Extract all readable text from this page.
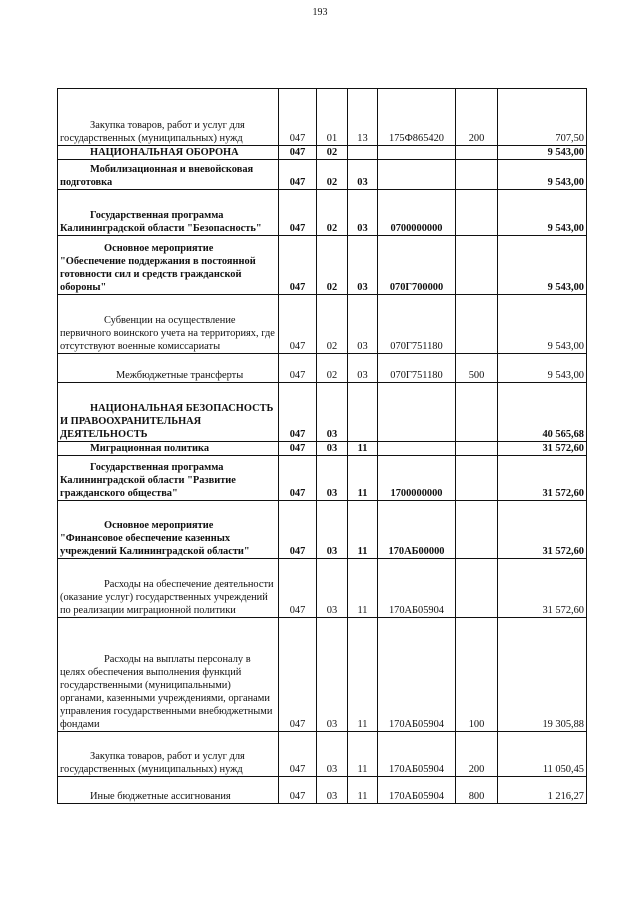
193
Закупка товаров, работ и услуг для государственных (муниципальных) нужд	047	01	13	175Ф865420	200	707,50
НАЦИОНАЛЬНАЯ ОБОРОНА	047	02				9 543,00
Мобилизационная и вневойсковая подготовка	047	02	03			9 543,00
Государственная программа Калининградской области "Безопасность"	047	02	03	0700000000		9 543,00
Основное мероприятие "Обеспечение поддержания в постоянной готовности сил и средств гражданской обороны"	047	02	03	070Г700000		9 543,00
Субвенции на осуществление первичного воинского учета на территориях, где отсутствуют военные комиссариаты	047	02	03	070Г751180		9 543,00
Межбюджетные трансферты	047	02	03	070Г751180	500	9 543,00
НАЦИОНАЛЬНАЯ БЕЗОПАСНОСТЬ И ПРАВООХРАНИТЕЛЬНАЯ ДЕЯТЕЛЬНОСТЬ	047	03				40 565,68
Миграционная политика	047	03	11			31 572,60
Государственная программа Калининградской области "Развитие гражданского общества"	047	03	11	1700000000		31 572,60
Основное мероприятие "Финансовое обеспечение казенных учреждений Калининградской области"	047	03	11	170АБ00000		31 572,60
Расходы на обеспечение деятельности (оказание услуг) государственных учреждений по реализации миграционной политики	047	03	11	170АБ05904		31 572,60
Расходы на выплаты персоналу в целях обеспечения выполнения функций государственными (муниципальными) органами, казенными учреждениями, органами управления государственными внебюджетными фондами	047	03	11	170АБ05904	100	19 305,88
Закупка товаров, работ и услуг для государственных (муниципальных) нужд	047	03	11	170АБ05904	200	11 050,45
Иные бюджетные ассигнования	047	03	11	170АБ05904	800	1 216,27
